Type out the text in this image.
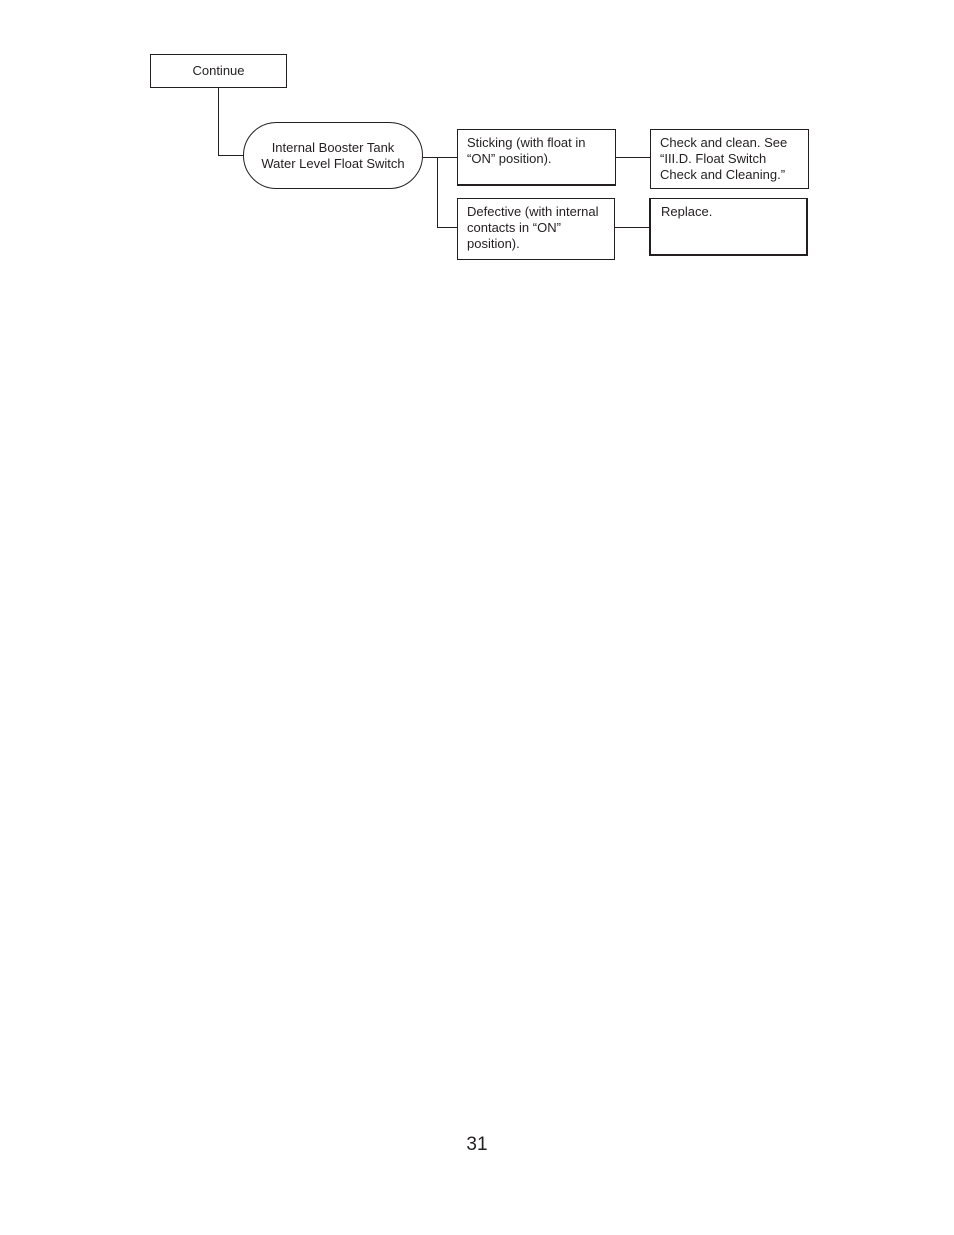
Continue
Internal Booster Tank Water Level Float Switch
Sticking (with float in “ON” position).
Check and clean. See “III.D. Float Switch Check and Cleaning.”
Defective (with internal contacts in “ON” position).
Replace.
31
